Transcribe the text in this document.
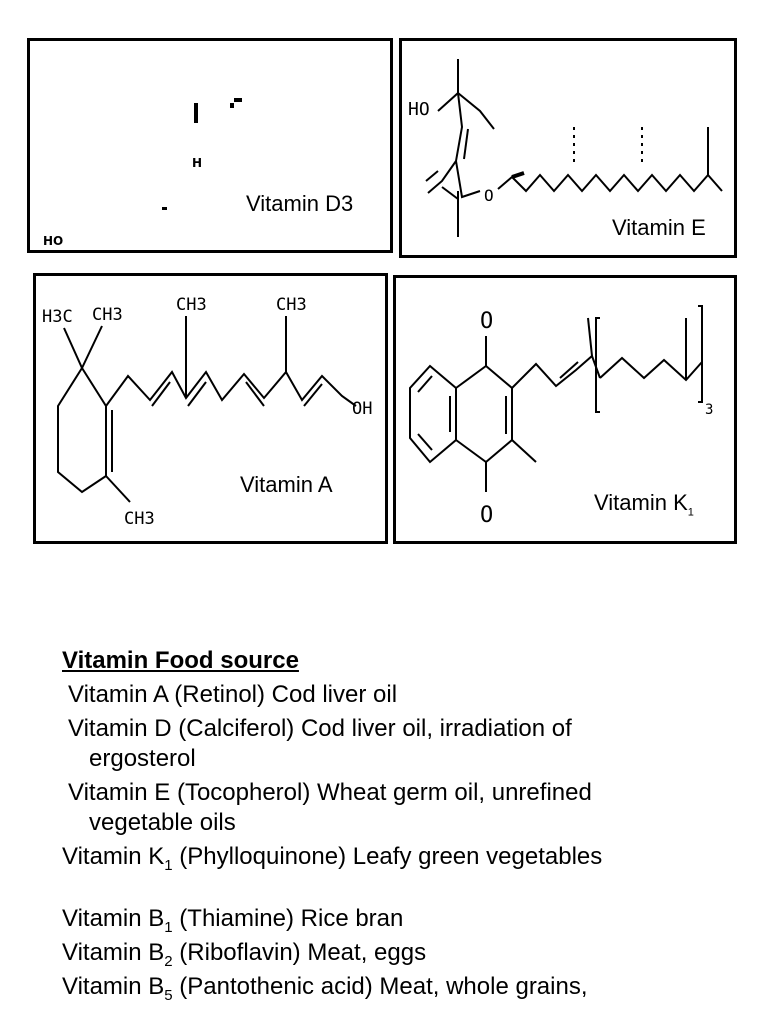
H
HO
Vitamin D3
HO
O
Vitamin E
H3C CH3	CH3	CH3
CH3
OH
Vitamin A
O
O
3
Vitamin $K_1$
Vitamin Food source
Vitamin A (Retinol) Cod liver oil
Vitamin D (Calciferol) Cod liver oil, irradiation of
ergosterol
Vitamin E (Tocopherol) Wheat germ oil, unrefined
vegetable oils
Vitamin $K_1$ (Phylloquinone) Leafy green vegetables
Vitamin $B_1$ (Thiamine) Rice bran
Vitamin $B_2$ (Riboflavin) Meat, eggs
Vitamin $B_5$ (Pantothenic acid) Meat, whole grains,
